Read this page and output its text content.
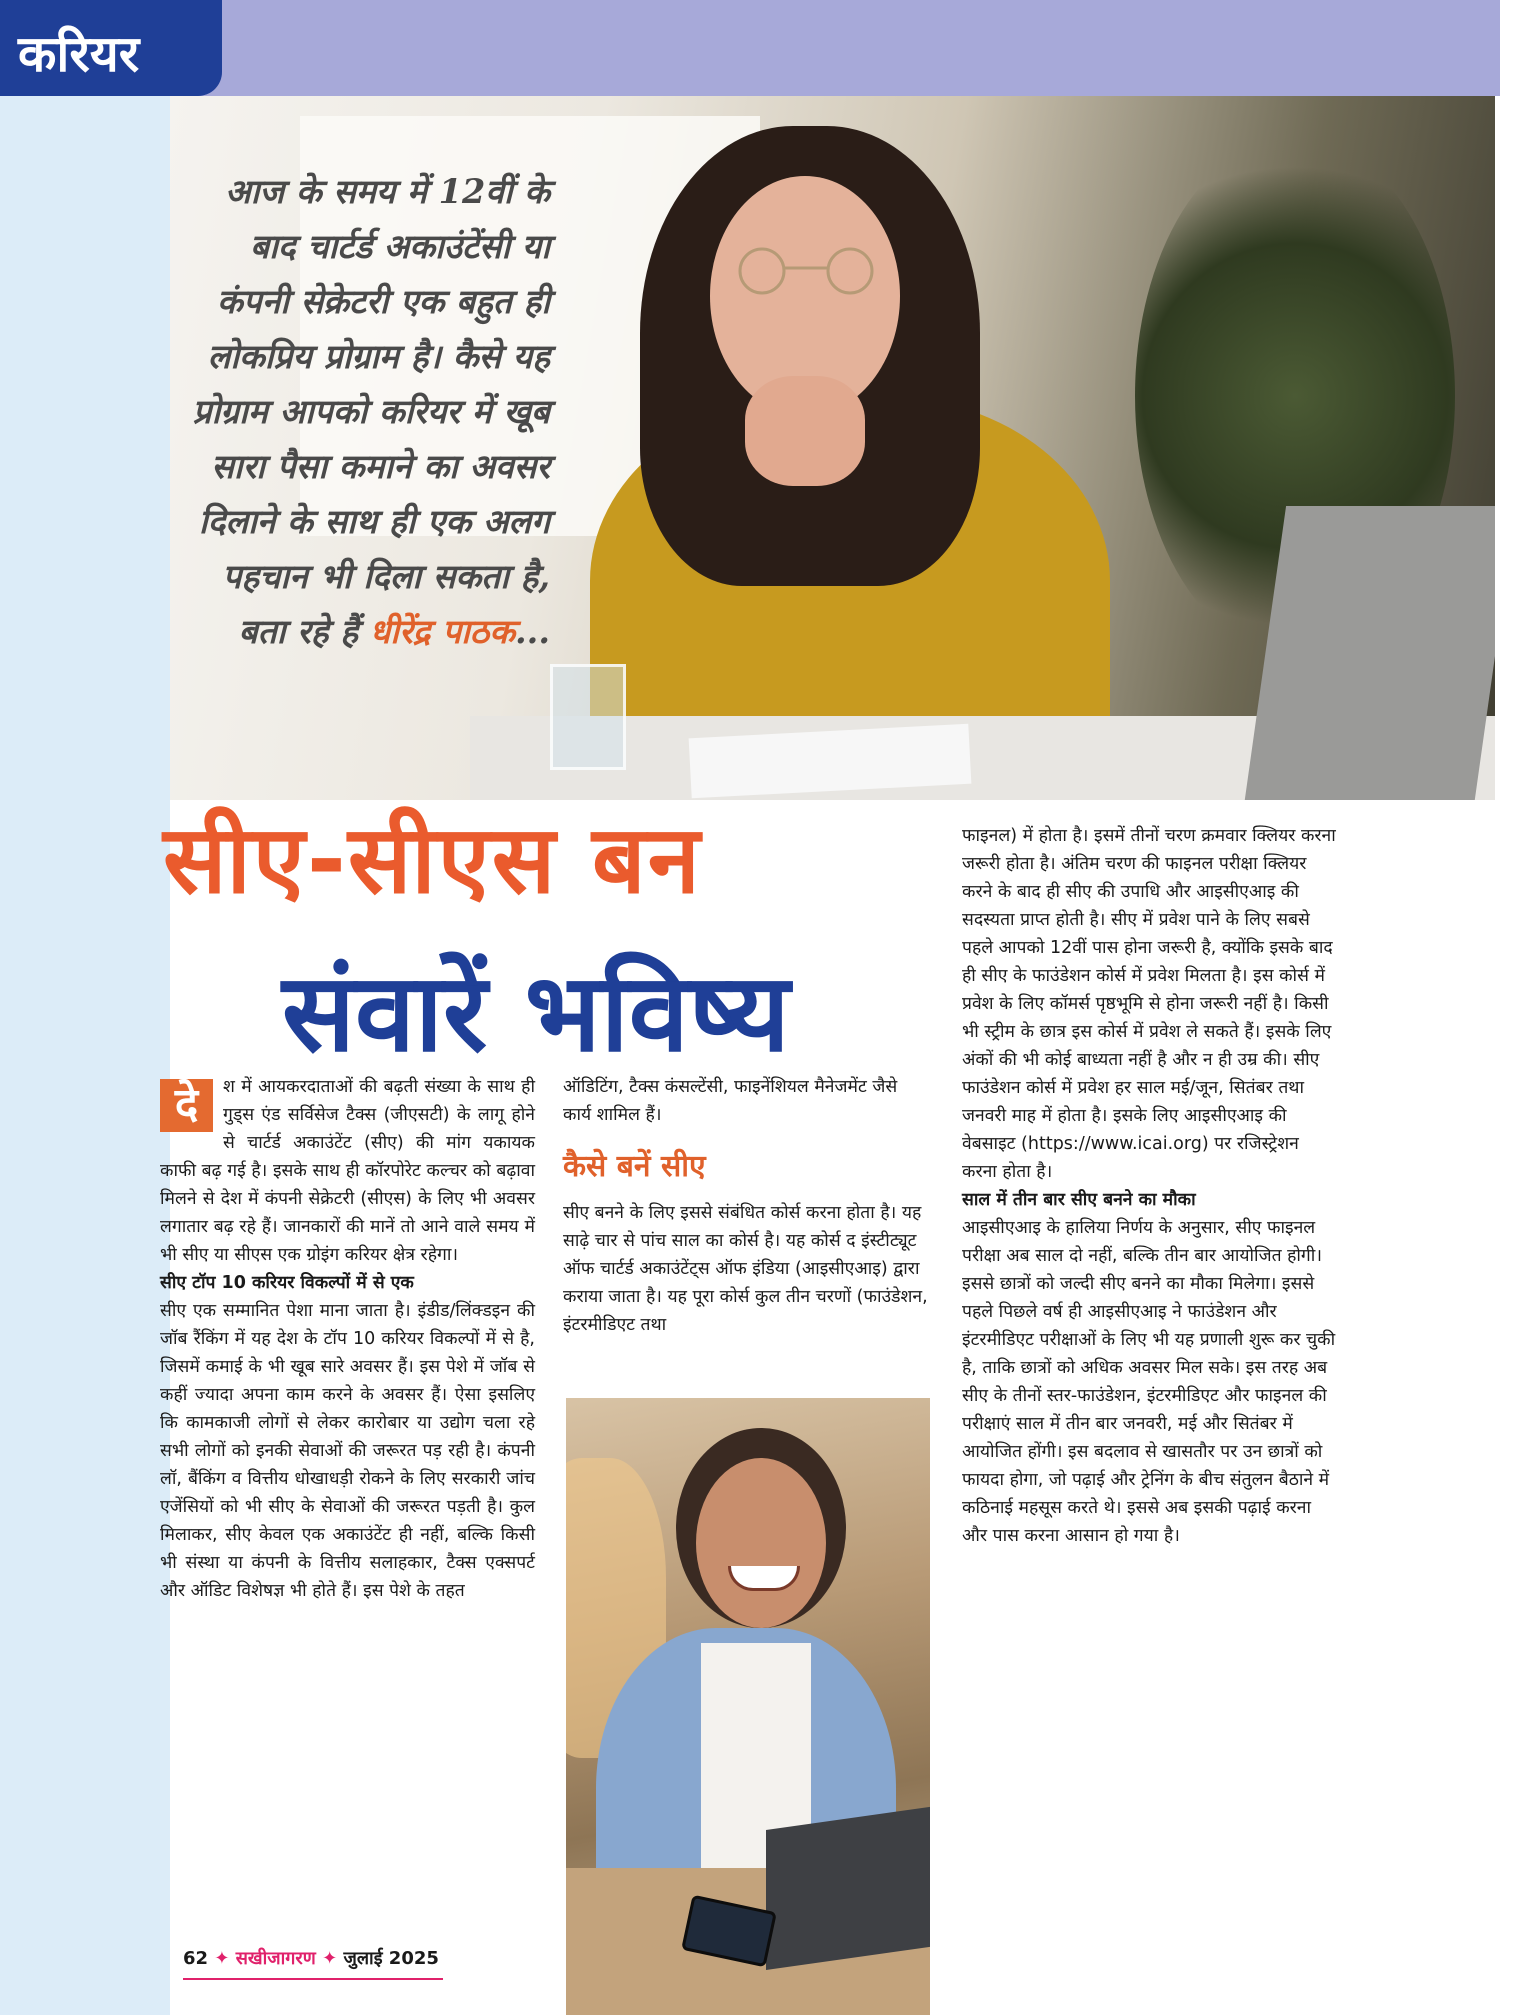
करियर

आज के समय में 12वीं के बाद चार्टर्ड अकाउंटेंसी या कंपनी सेक्रेटरी एक बहुत ही लोकप्रिय प्रोग्राम है। कैसे यह प्रोग्राम आपको करियर में खूब सारा पैसा कमाने का अवसर दिलाने के साथ ही एक अलग पहचान भी दिला सकता है, बता रहे हैं धीरेंद्र पाठक...

सीए-सीएस बन
संवारें भविष्य
दे	श में आयकरदाताओं की बढ़ती संख्या के साथ ही गुड्स एंड सर्विसेज टैक्स (जीएसटी) के लागू होने से चार्टर्ड अकाउंटेंट (सीए) की मांग यकायक काफी बढ़ गई है। इसके साथ ही कॉरपोरेट कल्चर को बढ़ावा मिलने से देश में कंपनी सेक्रेटरी (सीएस) के लिए भी अवसर लगातार बढ़ रहे हैं। जानकारों की मानें तो आने वाले समय में भी सीए या सीएस एक ग्रोइंग करियर क्षेत्र रहेगा।

सीए टॉप 10 करियर विकल्पों में से एक

सीए एक सम्मानित पेशा माना जाता है। इंडीड/लिंक्डइन की जॉब रैंकिंग में यह देश के टॉप 10 करियर विकल्पों में से है, जिसमें कमाई के भी खूब सारे अवसर हैं। इस पेशे में जॉब से कहीं ज्यादा अपना काम करने के अवसर हैं। ऐसा इसलिए कि कामकाजी लोगों से लेकर कारोबार या उद्योग चला रहे सभी लोगों को इनकी सेवाओं की जरूरत पड़ रही है। कंपनी लॉ, बैंकिंग व वित्तीय धोखाधड़ी रोकने के लिए सरकारी जांच एजेंसियों को भी सीए के सेवाओं की जरूरत पड़ती है। कुल मिलाकर, सीए केवल एक अकाउंटेंट ही नहीं, बल्कि किसी भी संस्था या कंपनी के वित्तीय सलाहकार, टैक्स एक्सपर्ट और ऑडिट विशेषज्ञ भी होते हैं। इस पेशे के तहत

ऑडिटिंग, टैक्स कंसल्टेंसी, फाइनेंशियल मैनेजमेंट जैसे कार्य शामिल हैं।

कैसे बनें सीए

सीए बनने के लिए इससे संबंधित कोर्स करना होता है। यह साढ़े चार से पांच साल का कोर्स है। यह कोर्स द इंस्टीट्यूट ऑफ चार्टर्ड अकाउंटेंट्स ऑफ इंडिया (आइसीएआइ) द्वारा कराया जाता है। यह पूरा कोर्स कुल तीन चरणों (फाउंडेशन, इंटरमीडिएट तथा

फाइनल) में होता है। इसमें तीनों चरण क्रमवार क्लियर करना जरूरी होता है। अंतिम चरण की फाइनल परीक्षा क्लियर करने के बाद ही सीए की उपाधि और आइसीएआइ की सदस्यता प्राप्त होती है। सीए में प्रवेश पाने के लिए सबसे पहले आपको 12वीं पास होना जरूरी है, क्योंकि इसके बाद ही सीए के फाउंडेशन कोर्स में प्रवेश मिलता है। इस कोर्स में प्रवेश के लिए कॉमर्स पृष्ठभूमि से होना जरूरी नहीं है। किसी भी स्ट्रीम के छात्र इस कोर्स में प्रवेश ले सकते हैं। इसके लिए अंकों की भी कोई बाध्यता नहीं है और न ही उम्र की। सीए फाउंडेशन कोर्स में प्रवेश हर साल मई/जून, सितंबर तथा जनवरी माह में होता है। इसके लिए आइसीएआइ की वेबसाइट (https://www.icai.org) पर रजिस्ट्रेशन करना होता है।

साल में तीन बार सीए बनने का मौका

आइसीएआइ के हालिया निर्णय के अनुसार, सीए फाइनल परीक्षा अब साल दो नहीं, बल्कि तीन बार आयोजित होगी। इससे छात्रों को जल्दी सीए बनने का मौका मिलेगा। इससे पहले पिछले वर्ष ही आइसीएआइ ने फाउंडेशन और इंटरमीडिएट परीक्षाओं के लिए भी यह प्रणाली शुरू कर चुकी है, ताकि छात्रों को अधिक अवसर मिल सके। इस तरह अब सीए के तीनों स्तर-फाउंडेशन, इंटरमीडिएट और फाइनल की परीक्षाएं साल में तीन बार जनवरी, मई और सितंबर में आयोजित होंगी। इस बदलाव से खासतौर पर उन छात्रों को फायदा होगा, जो पढ़ाई और ट्रेनिंग के बीच संतुलन बैठाने में कठिनाई महसूस करते थे। इससे अब इसकी पढ़ाई करना और पास करना आसान हो गया है।

62 ✦ सखीजागरण ✦ जुलाई 2025
